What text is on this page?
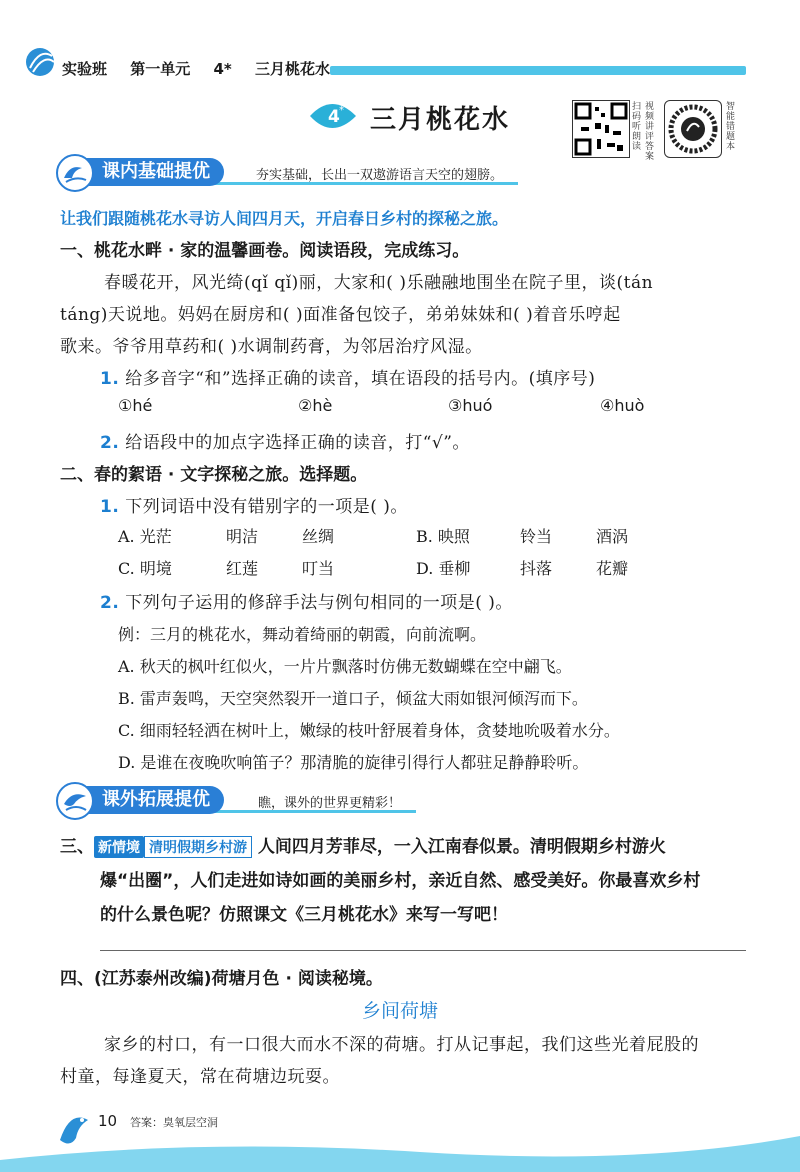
实验班 第一单元 4* 三月桃花水
4 * 三月桃花水	扫码听朗读
视频讲评答案
智能错题本
课内基础提优	夯实基础，长出一双遨游语言天空的翅膀。
让我们跟随桃花水寻访人间四月天，开启春日乡村的探秘之旅。
一、桃花水畔 · 家的温馨画卷。阅读语段，完成练习。
春暖花开，风光绮(qǐ qǐ)丽，大家和( )乐融融地围坐在院子里，谈(tán
táng)天说地。妈妈在厨房和( )面准备包饺子，弟弟妹妹和( )着音乐哼起
歌来。爷爷用草药和( )水调制药膏，为邻居治疗风湿。
1. 给多音字“和”选择正确的读音，填在语段的括号内。(填序号)
①hé	②hè	③huó	④huò
2. 给语段中的加点字选择正确的读音，打“√”。
二、春的絮语 · 文字探秘之旅。选择题。
1. 下列词语中没有错别字的一项是( )。
A. 光茫	明洁	丝绸	B. 映照	铃当	酒涡
C. 明境	红莲	叮当	D. 垂柳	抖落	花瓣
2. 下列句子运用的修辞手法与例句相同的一项是( )。
例：三月的桃花水，舞动着绮丽的朝霞，向前流啊。
A. 秋天的枫叶红似火，一片片飘落时仿佛无数蝴蝶在空中翩飞。
B. 雷声轰鸣，天空突然裂开一道口子，倾盆大雨如银河倾泻而下。
C. 细雨轻轻洒在树叶上，嫩绿的枝叶舒展着身体，贪婪地吮吸着水分。
D. 是谁在夜晚吹响笛子？那清脆的旋律引得行人都驻足静静聆听。
课外拓展提优	瞧，课外的世界更精彩！
三、 新情境 清明假期乡村游 人间四月芳菲尽，一入江南春似景。清明假期乡村游火
爆“出圈”，人们走进如诗如画的美丽乡村，亲近自然、感受美好。你最喜欢乡村
的什么景色呢？仿照课文《三月桃花水》来写一写吧！
四、(江苏泰州改编)荷塘月色 · 阅读秘境。
乡间荷塘
家乡的村口，有一口很大而水不深的荷塘。打从记事起，我们这些光着屁股的
村童，每逢夏天，常在荷塘边玩耍。
10 答案：臭氧层空洞
